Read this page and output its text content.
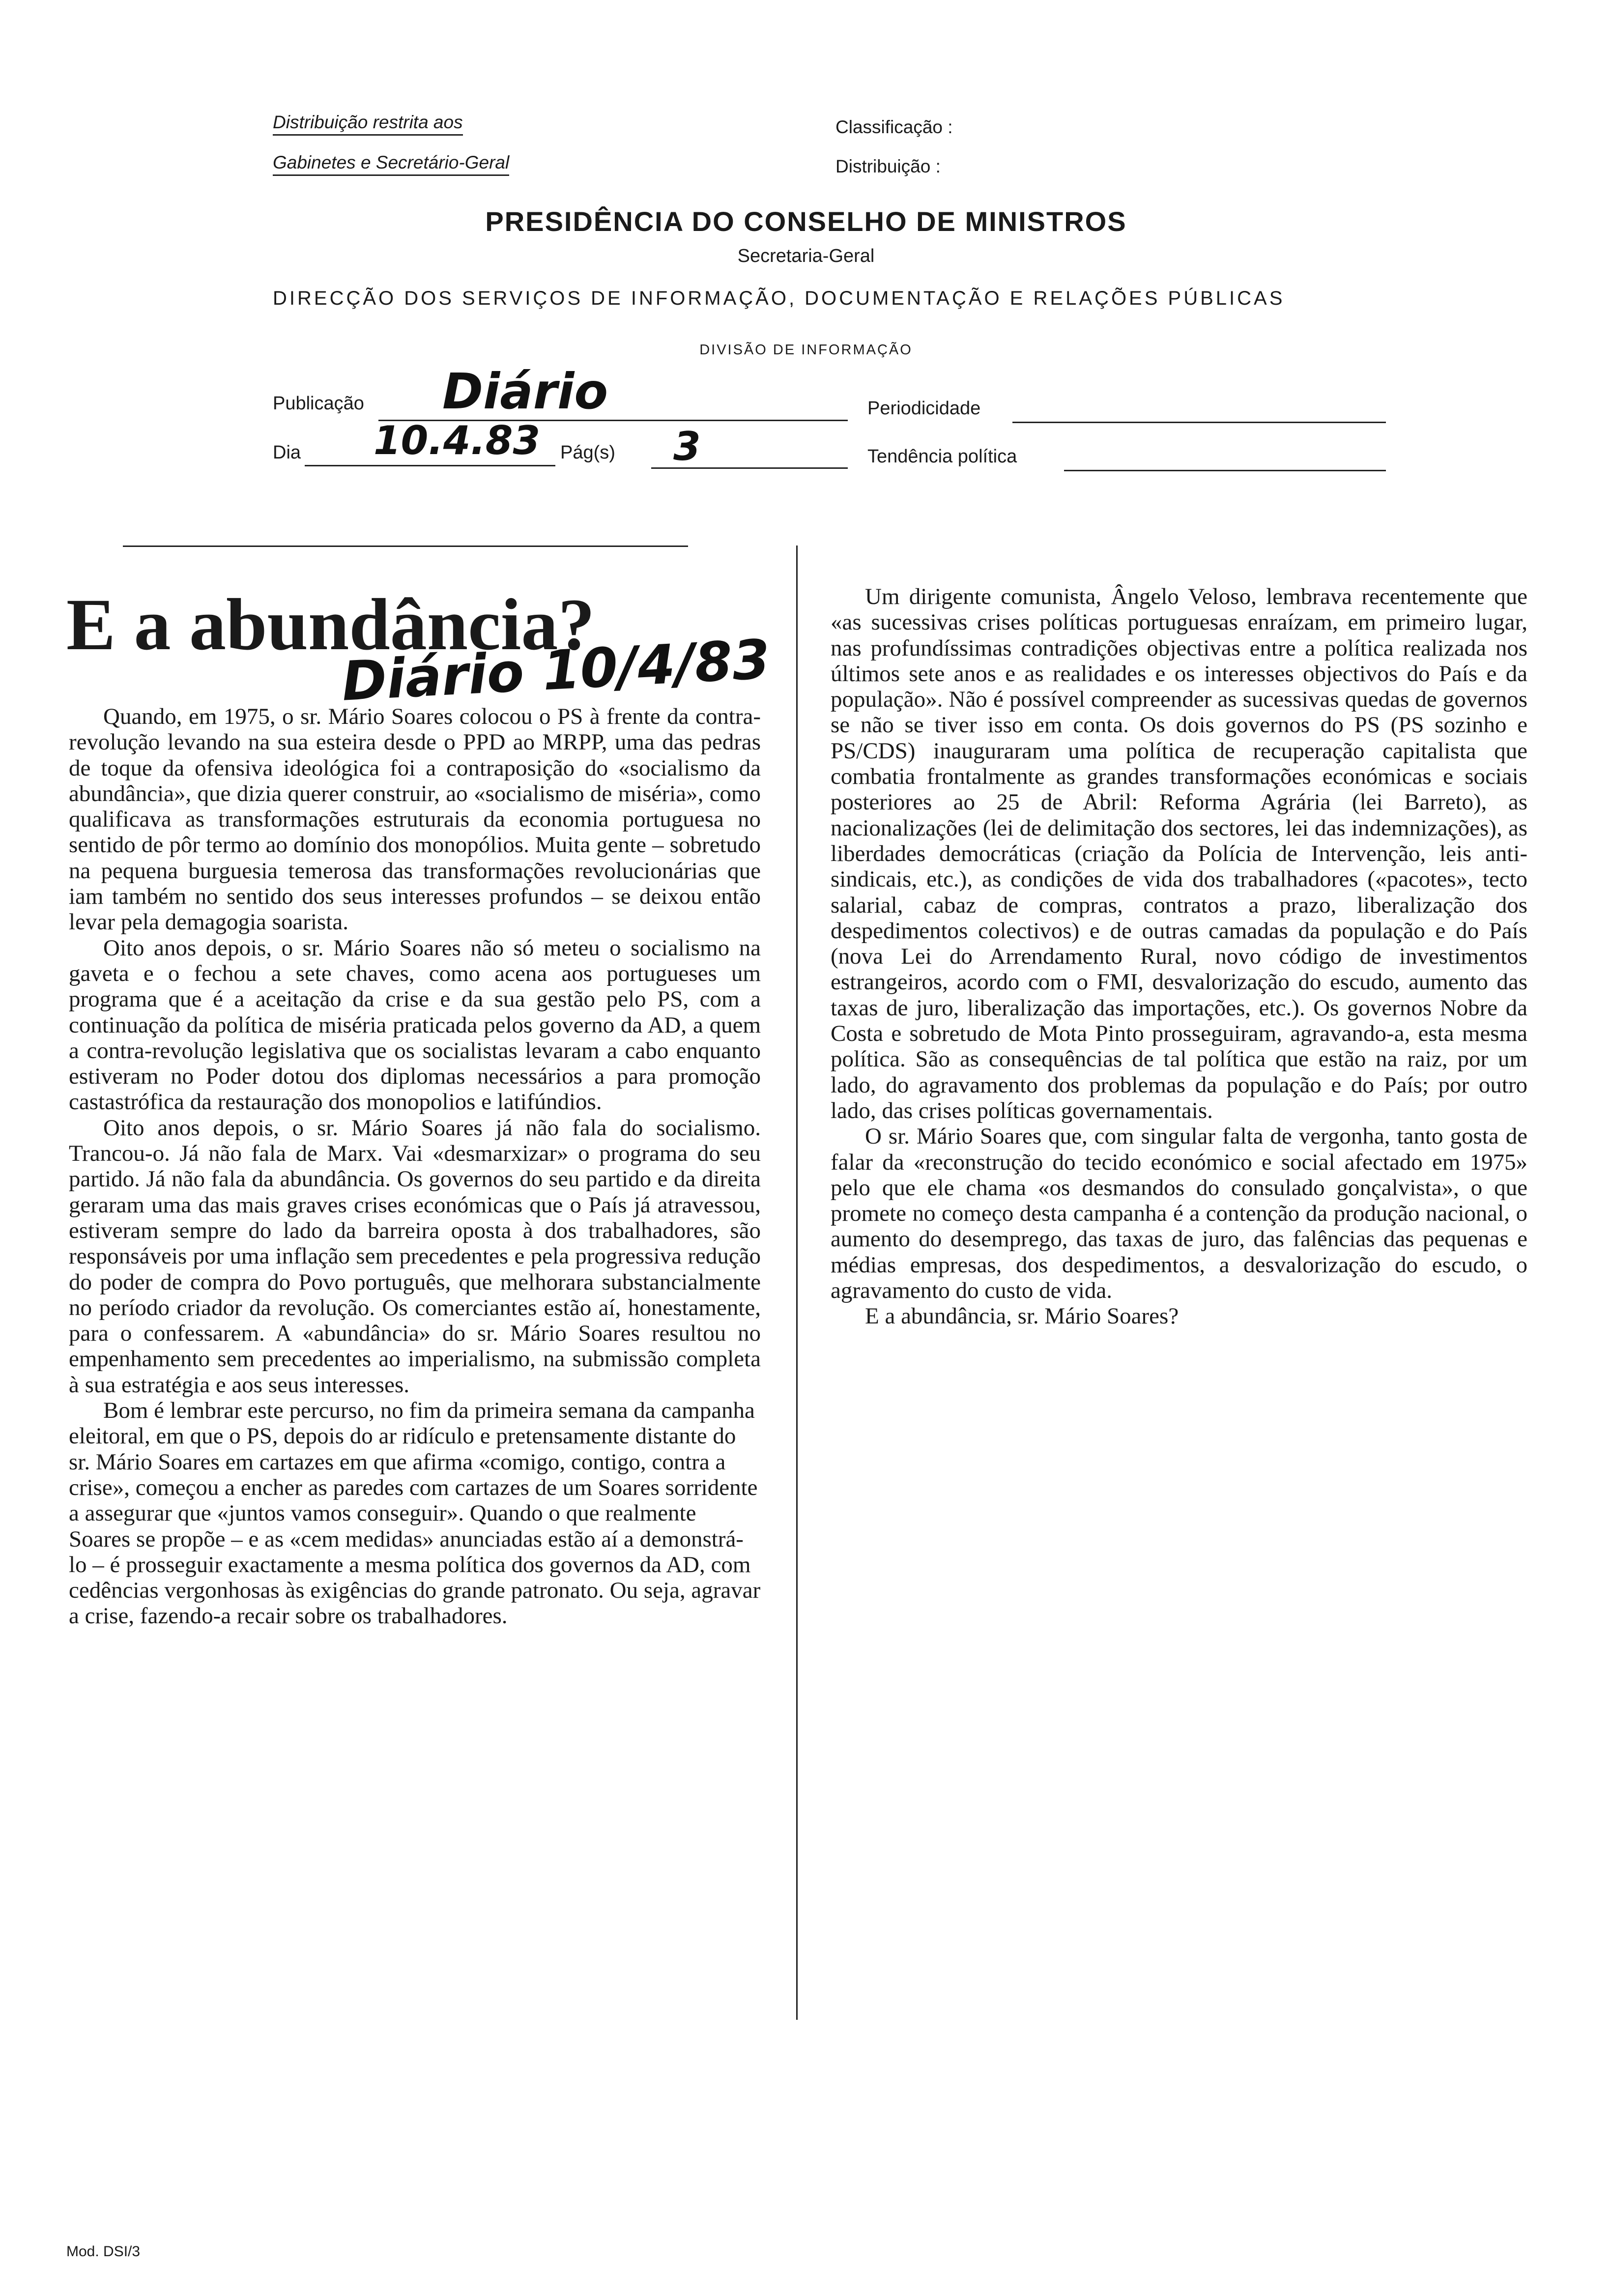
Distribuição restrita aos
Gabinetes e Secretário-Geral
Classificação :
Distribuição :
PRESIDÊNCIA DO CONSELHO DE MINISTROS
Secretaria-Geral
DIRECÇÃO DOS SERVIÇOS DE INFORMAÇÃO, DOCUMENTAÇÃO E RELAÇÕES PÚBLICAS
DIVISÃO DE INFORMAÇÃO
Publicação Diário	Periodicidade
Dia 10.4.83 Pág(s) 3	Tendência política
E a abundância?
Diário 10/4/83

Quando, em 1975, o sr. Mário Soares colocou o PS à frente da contra-revolução levando na sua esteira desde o PPD ao MRPP, uma das pedras de toque da ofensiva ideológica foi a contraposição do «socialismo da abundância», que dizia querer construir, ao «socialismo de miséria», como qualificava as transformações estruturais da economia portuguesa no sentido de pôr termo ao domínio dos monopólios. Muita gente – sobretudo na pequena burguesia temerosa das transformações revolucionárias que iam também no sentido dos seus interesses profundos – se deixou então levar pela demagogia soarista.

Oito anos depois, o sr. Mário Soares não só meteu o socialismo na gaveta e o fechou a sete chaves, como acena aos portugueses um programa que é a aceitação da crise e da sua gestão pelo PS, com a continuação da política de miséria praticada pelos governo da AD, a quem a contra-revolução legislativa que os socialistas levaram a cabo enquanto estiveram no Poder dotou dos diplomas necessários a para promoção castastrófica da restauração dos monopolios e latifúndios.

Oito anos depois, o sr. Mário Soares já não fala do socialismo. Trancou-o. Já não fala de Marx. Vai «desmarxizar» o programa do seu partido. Já não fala da abundância. Os governos do seu partido e da direita geraram uma das mais graves crises económicas que o País já atravessou, estiveram sempre do lado da barreira oposta à dos trabalhadores, são responsáveis por uma inflação sem precedentes e pela progressiva redução do poder de compra do Povo português, que melhorara substancialmente no período criador da revolução. Os comerciantes estão aí, honestamente, para o confessarem. A «abundância» do sr. Mário Soares resultou no empenhamento sem precedentes ao imperialismo, na submissão completa à sua estratégia e aos seus interesses.

Bom é lembrar este percurso, no fim da primeira semana da campanha eleitoral, em que o PS, depois do ar ridículo e pretensamente distante do sr. Mário Soares em cartazes em que afirma «comigo, contigo, contra a crise», começou a encher as paredes com cartazes de um Soares sorridente a assegurar que «juntos vamos conseguir». Quando o que realmente Soares se propõe – e as «cem medidas» anunciadas estão aí a demonstrá-lo – é prosseguir exactamente a mesma política dos governos da AD, com cedências vergonhosas às exigências do grande patronato. Ou seja, agravar a crise, fazendo-a recair sobre os trabalhadores.

Um dirigente comunista, Ângelo Veloso, lembrava recentemente que «as sucessivas crises políticas portuguesas enraízam, em primeiro lugar, nas profundíssimas contradições objectivas entre a política realizada nos últimos sete anos e as realidades e os interesses objectivos do País e da população». Não é possível compreender as sucessivas quedas de governos se não se tiver isso em conta. Os dois governos do PS (PS sozinho e PS/CDS) inauguraram uma política de recuperação capitalista que combatia frontalmente as grandes transformações económicas e sociais posteriores ao 25 de Abril: Reforma Agrária (lei Barreto), as nacionalizações (lei de delimitação dos sectores, lei das indemnizações), as liberdades democráticas (criação da Polícia de Intervenção, leis anti-sindicais, etc.), as condições de vida dos trabalhadores («pacotes», tecto salarial, cabaz de compras, contratos a prazo, liberalização dos despedimentos colectivos) e de outras camadas da população e do País (nova Lei do Arrendamento Rural, novo código de investimentos estrangeiros, acordo com o FMI, desvalorização do escudo, aumento das taxas de juro, liberalização das importações, etc.). Os governos Nobre da Costa e sobretudo de Mota Pinto prosseguiram, agravando-a, esta mesma política. São as consequências de tal política que estão na raiz, por um lado, do agravamento dos problemas da população e do País; por outro lado, das crises políticas governamentais.

O sr. Mário Soares que, com singular falta de vergonha, tanto gosta de falar da «reconstrução do tecido económico e social afectado em 1975» pelo que ele chama «os desmandos do consulado gonçalvista», o que promete no começo desta campanha é a contenção da produção nacional, o aumento do desemprego, das taxas de juro, das falências das pequenas e médias empresas, dos despedimentos, a desvalorização do escudo, o agravamento do custo de vida.

E a abundância, sr. Mário Soares?

Mod. DSI/3
